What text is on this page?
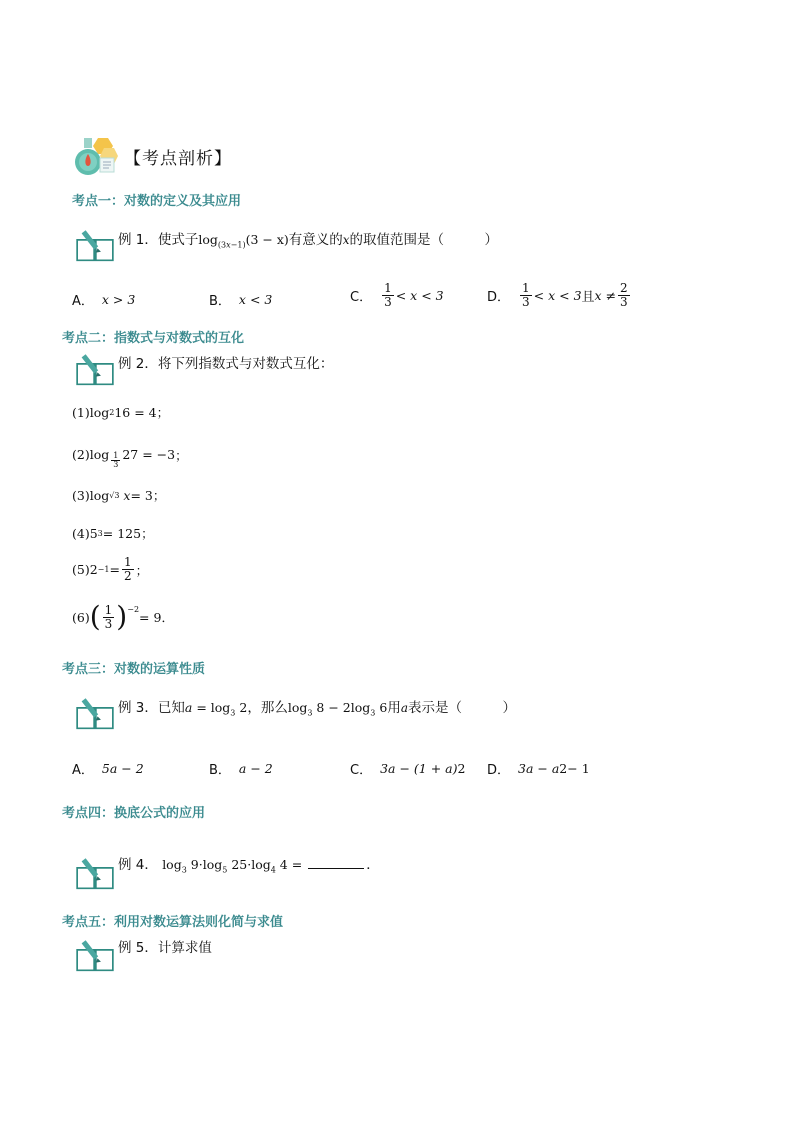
【考点剖析】
考点一：对数的定义及其应用
例 1．使式子$\log_{(3x-1)}(3 - x)$有意义的x的取值范围是（　　　）
A． x > 3	B． x < 3	C． $\frac{1}{3} < x < 3$	D． $\frac{1}{3} < x < 3$ 且 $x \ne \frac{2}{3}$
考点二：指数式与对数式的互化
例 2．将下列指数式与对数式互化：
(1) log 2 16 = 4 ；
(2) $\log \frac{1}{3} 27 = -3$ ；
(3) log √3
x = 3 ；
(4) 5 3 = 125 ；
(5) $2 -1 = \frac{1}{2}$ ；
(6) ( $\frac{1}{3} )^{-2} = 9$ ．
考点三：对数的运算性质
例 3．已知$a = \log_3 2$，那么$\log_3 8 - 2\log_3$ 6用a表示是（　　　）
A． 5a − 2	B． a − 2	C． 3a − (1 + a) 2 D． 3a − a 2 − 1
考点四：换底公式的应用
例 4． $\log_3 9\cdot\log_5$ $25\cdot\log_4$ 4 =	．
考点五：利用对数运算法则化简与求值
例 5．计算求值
